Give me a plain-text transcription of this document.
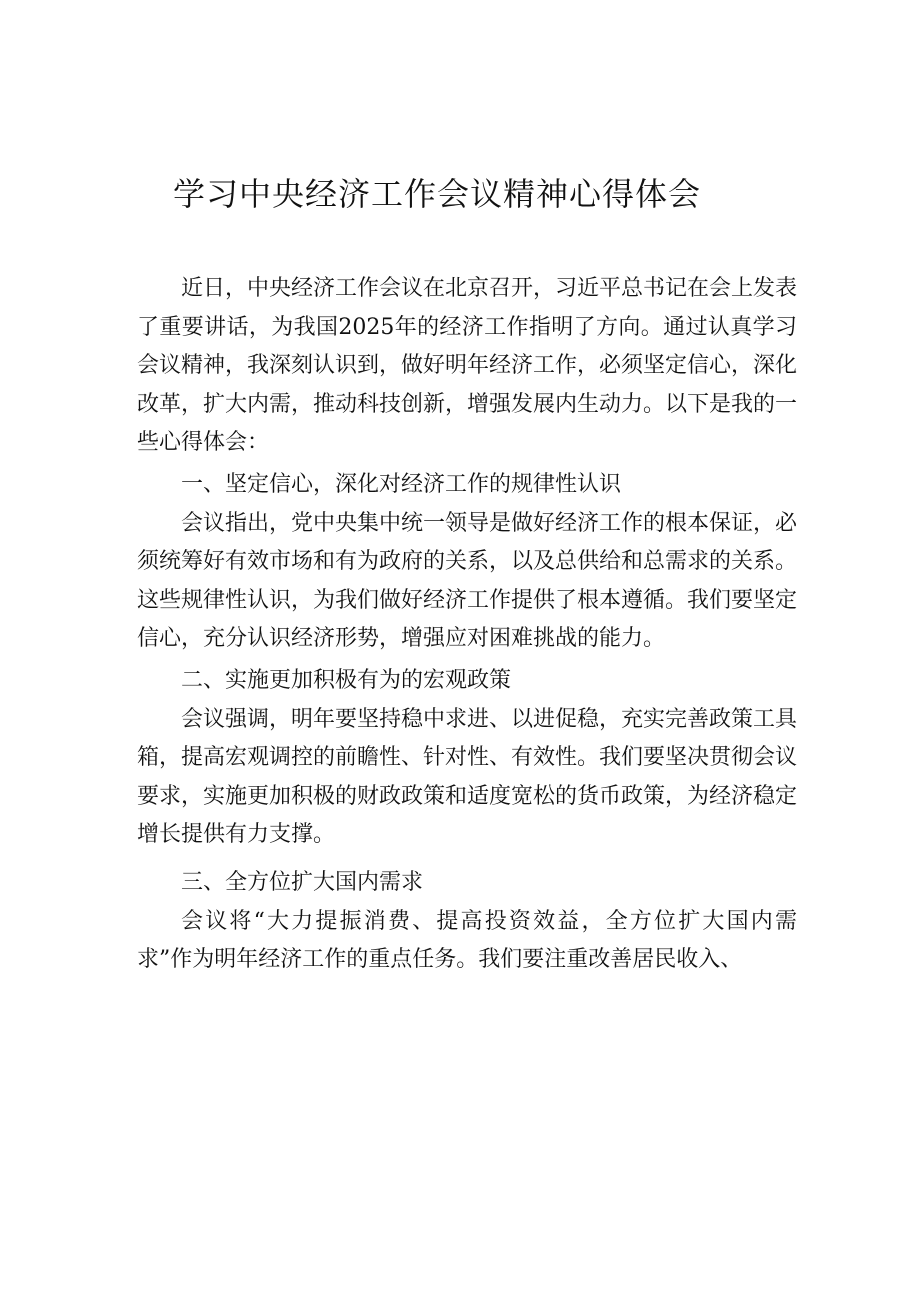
学习中央经济工作会议精神心得体会

近日，中央经济工作会议在北京召开，习近平总书记在会上发表了重要讲话，为我国2025年的经济工作指明了方向。通过认真学习会议精神，我深刻认识到，做好明年经济工作，必须坚定信心，深化改革，扩大内需，推动科技创新，增强发展内生动力。以下是我的一些心得体会：

一、坚定信心，深化对经济工作的规律性认识

会议指出，党中央集中统一领导是做好经济工作的根本保证，必须统筹好有效市场和有为政府的关系，以及总供给和总需求的关系。这些规律性认识，为我们做好经济工作提供了根本遵循。我们要坚定信心，充分认识经济形势，增强应对困难挑战的能力。

二、实施更加积极有为的宏观政策

会议强调，明年要坚持稳中求进、以进促稳，充实完善政策工具箱，提高宏观调控的前瞻性、针对性、有效性。我们要坚决贯彻会议要求，实施更加积极的财政政策和适度宽松的货币政策，为经济稳定增长提供有力支撑。

三、全方位扩大国内需求

会议将“大力提振消费、提高投资效益，全方位扩大国内需求”作为明年经济工作的重点任务。我们要注重改善居民收入、
